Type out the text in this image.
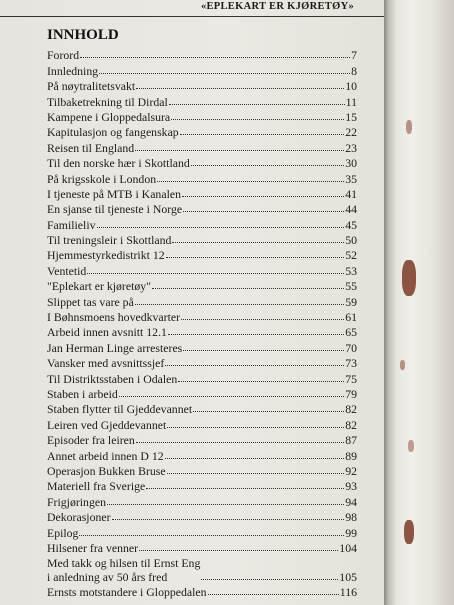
«EPLEKART ER KJØRETØY»
INNHOLD
Forord	7
Innledning	8
På nøytralitetsvakt	10
Tilbaketrekning til Dirdal	11
Kampene i Gloppedalsura	15
Kapitulasjon og fangenskap	22
Reisen til England	23
Til den norske hær i Skottland	30
På krigsskole i London	35
I tjeneste på MTB i Kanalen	41
En sjanse til tjeneste i Norge	44
Familieliv	45
Til treningsleir i Skottland	50
Hjemmestyrkedistrikt 12	52
Ventetid	53
"Eplekart er kjøretøy"	55
Slippet tas vare på	59
I Bøhnsmoens hovedkvarter	61
Arbeid innen avsnitt 12.1	65
Jan Herman Linge arresteres	70
Vansker med avsnittssjef	73
Til Distriktsstaben i Odalen	75
Staben i arbeid	79
Staben flytter til Gjeddevannet	82
Leiren ved Gjeddevannet	82
Episoder fra leiren	87
Annet arbeid innen D 12	89
Operasjon Bukken Bruse	92
Materiell fra Sverige	93
Frigjøringen	94
Dekorasjoner	98
Epilog	99
Hilsener fra venner	104
Med takk og hilsen til Ernst Eng
i anledning av 50 års fred	105
Ernsts motstandere i Gloppedalen	116
